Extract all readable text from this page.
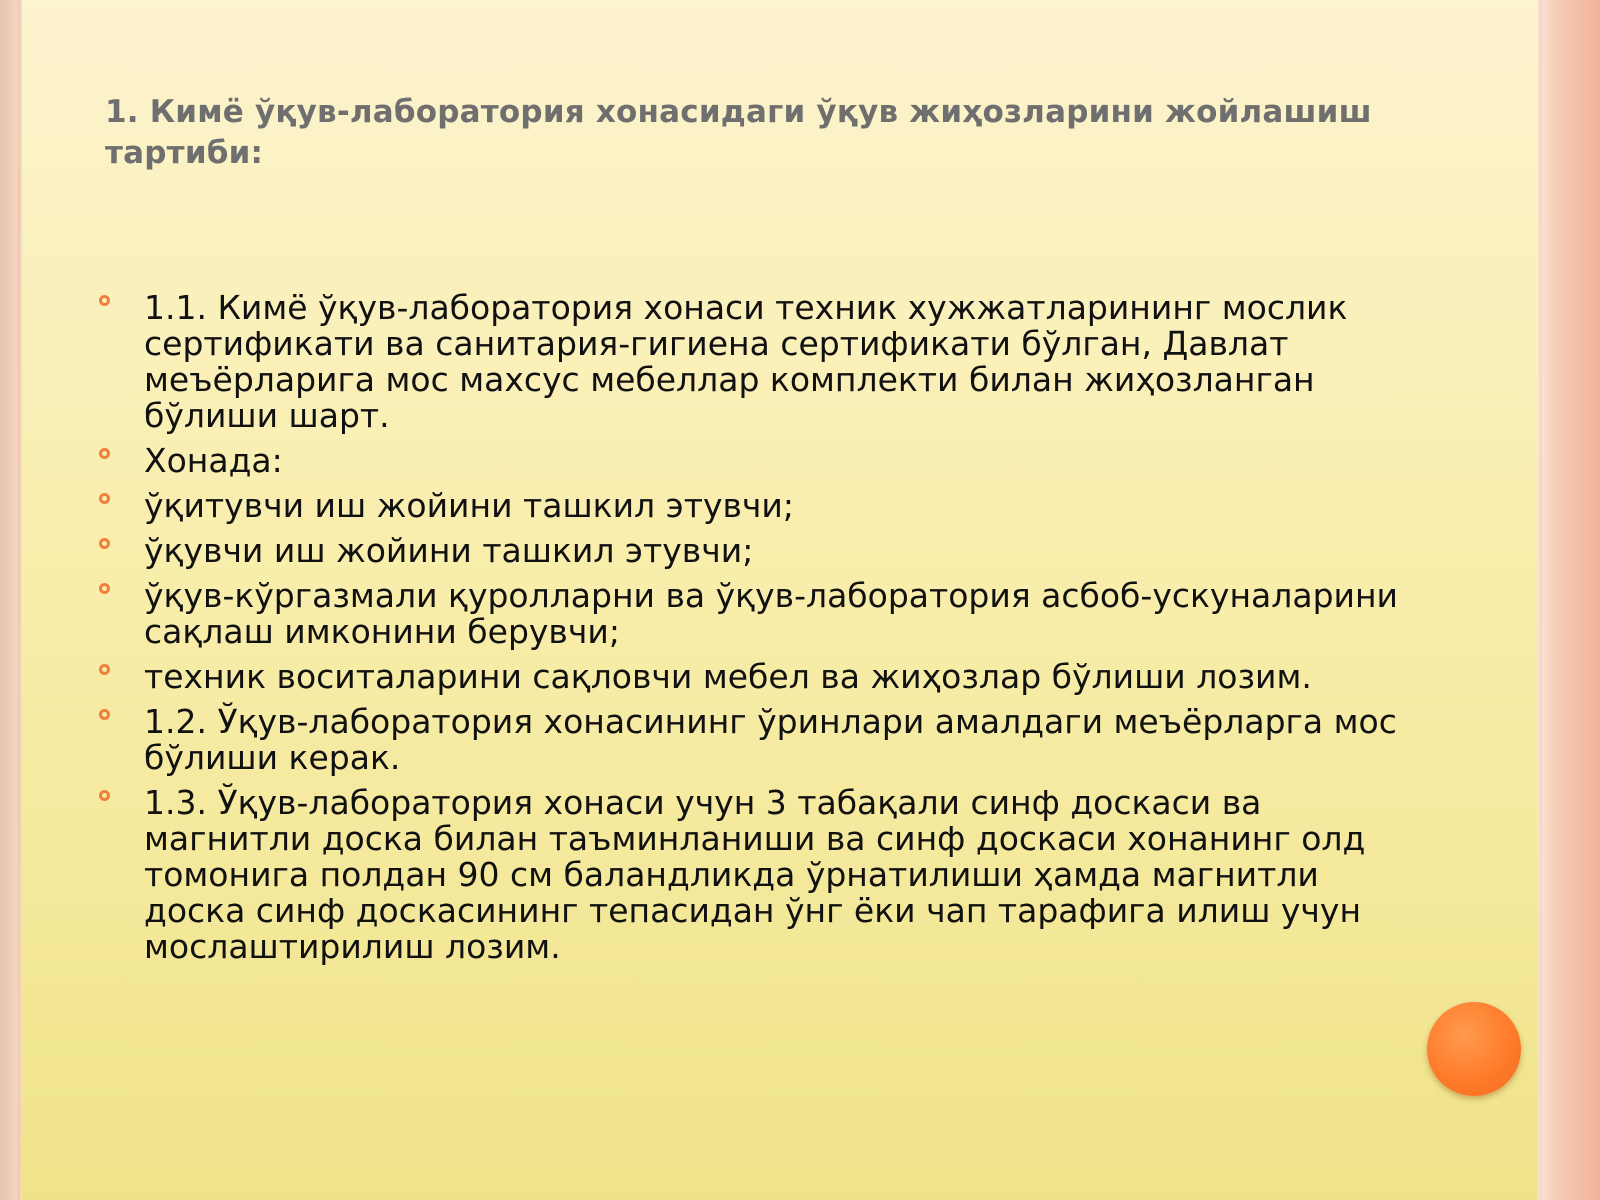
1. Кимё ўқув-лаборатория хонасидаги ўқув жиҳозларини жойлашиш
тартиби:
1.1. Кимё ўқув-лаборатория хонаси техник хужжатларининг мослик сертификати ва санитария-гигиена сертификати бўлган, Давлат меъёрларига мос махсус мебеллар комплекти билан жиҳозланган бўлиши шарт.
Хонада:
ўқитувчи иш жойини ташкил этувчи;
ўқувчи иш жойини ташкил этувчи;
ўқув-кўргазмали қуролларни ва ўқув-лаборатория асбоб-ускуналарини сақлаш имконини берувчи;
техник воситаларини сақловчи мебел ва жиҳозлар бўлиши лозим.
1.2. Ўқув-лаборатория хонасининг ўринлари амалдаги меъёрларга мос бўлиши керак.
1.3. Ўқув-лаборатория хонаси учун 3 табақали синф доскаси ва магнитли доска билан таъминланиши ва синф доскаси хонанинг олд томонига полдан 90 см баландликда ўрнатилиши ҳамда магнитли доска синф доскасининг тепасидан ўнг ёки чап тарафига илиш учун мослаштирилиш лозим.
